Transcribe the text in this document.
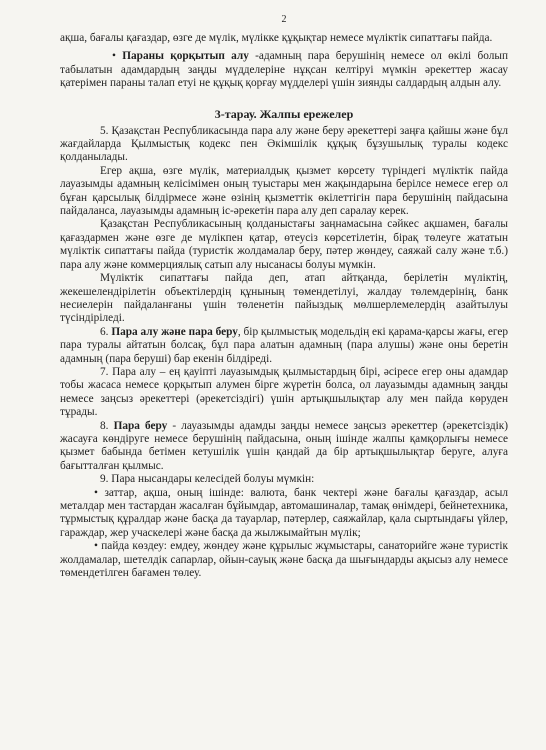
2

ақша, бағалы қағаздар, өзге де мүлік, мүлікке құқықтар немесе мүліктік сипаттағы пайда.

• Параны қорқытып алу -адамның пара берушінің немесе ол өкілі болып табылатын адамдардың заңды мүдделеріне нұқсан келтіруі мүмкін әрекеттер жасау қатерімен параны талап етуі не құқық қорғау мүдделері үшін зиянды салдардың алдын алу.

3-тарау. Жалпы ережелер

5. Қазақстан Республикасында пара алу және беру әрекеттері заңға қайшы және бұл жағдайларда Қылмыстық кодекс пен Әкімшілік құқық бұзушылық туралы кодекс қолданылады.

Егер ақша, өзге мүлік, материалдық қызмет көрсету түріндегі мүліктік пайда лауазымды адамның келісімімен оның туыстары мен жақындарына берілсе немесе егер ол бұған қарсылық білдірмесе және өзінің қызметтік өкілеттігін пара берушінің пайдасына пайдаланса, лауазымды адамның іс-әрекетін пара алу деп саралау керек.

Қазақстан Республикасының қолданыстағы заңнамасына сәйкес ақшамен, бағалы қағаздармен және өзге де мүлікпен қатар, өтеусіз көрсетілетін, бірақ төлеуге жататын мүліктік сипаттағы пайда (туристік жолдамалар беру, пәтер жөндеу, саяжай салу және т.б.) пара алу және коммерциялық сатып алу нысанасы болуы мүмкін.

Мүліктік сипаттағы пайда деп, атап айтқанда, берілетін мүліктің, жекешелендірілетін объектілердің құнының төмендетілуі, жалдау төлемдерінің, банк несиелерін пайдаланғаны үшін төленетін пайыздық мөлшерлемелердің азайтылуы түсіндіріледі.

6. Пара алу және пара беру, бір қылмыстық модельдің екі қарама-қарсы жағы, егер пара туралы айтатын болсақ, бұл пара алатын адамның (пара алушы) және оны беретін адамның (пара беруші) бар екенін білдіреді.

7. Пара алу – ең қауіпті лауазымдық қылмыстардың бірі, әсіресе егер оны адамдар тобы жасаса немесе қорқытып алумен бірге жүретін болса, ол лауазымды адамның заңды немесе заңсыз әрекеттері (әрекетсіздігі) үшін артықшылықтар алу мен пайда көруден тұрады.

8. Пара беру - лауазымды адамды заңды немесе заңсыз әрекеттер (әрекетсіздік) жасауға көндіруге немесе берушінің пайдасына, оның ішінде жалпы қамқорлығы немесе қызмет бабында бетімен кетушілік үшін қандай да бір артықшылықтар беруге, алуға бағытталған қылмыс.

9. Пара нысандары келесідей болуы мүмкін:

• заттар, ақша, оның ішінде: валюта, банк чектері және бағалы қағаздар, асыл металдар мен тастардан жасалған бұйымдар, автомашиналар, тамақ өнімдері, бейнетехника, тұрмыстық құралдар және басқа да тауарлар, пәтерлер, саяжайлар, қала сыртындағы үйлер, гараждар, жер учаскелері және басқа да жылжымайтын мүлік;

• пайда көздеу: емдеу, жөндеу және құрылыс жұмыстары, санаторийге және туристік жолдамалар, шетелдік сапарлар, ойын-сауық және басқа да шығындарды ақысыз алу немесе төмендетілген бағамен төлеу.
